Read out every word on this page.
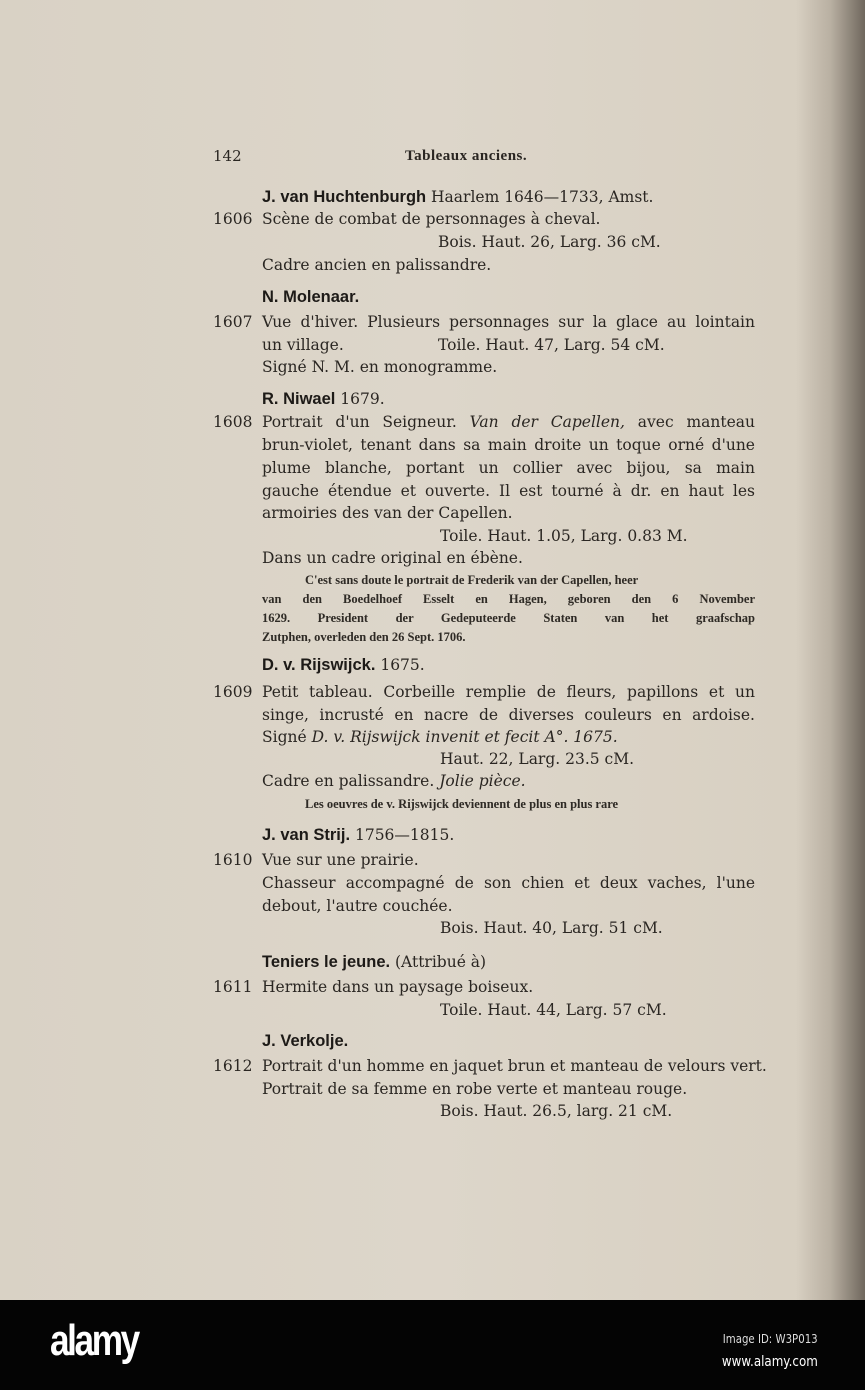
142	Tableaux anciens.
J. van Huchtenburgh Haarlem 1646—1733, Amst.
1606 Scène de combat de personnages à cheval.
Bois. Haut. 26, Larg. 36 cM.
Cadre ancien en palissandre.
N. Molenaar.
1607 Vue d'hiver. Plusieurs personnages sur la glace au lointain
un village.	Toile. Haut. 47, Larg. 54 cM.
Signé N. M. en monogramme.
R. Niwael 1679.
1608 Portrait d'un Seigneur. Van der Capellen, avec manteau
brun-violet, tenant dans sa main droite un toque orné d'une
plume blanche, portant un collier avec bijou, sa main
gauche étendue et ouverte. Il est tourné à dr. en haut les
armoiries des van der Capellen.
Toile. Haut. 1.05, Larg. 0.83 M.
Dans un cadre original en ébène.
C'est sans doute le portrait de Frederik van der Capellen, heer
van den Boedelhoef Esselt en Hagen, geboren den 6 November
1629. President der Gedeputeerde Staten van het graafschap
Zutphen, overleden den 26 Sept. 1706.
D. v. Rijswijck. 1675.
1609 Petit tableau. Corbeille remplie de fleurs, papillons et un
singe, incrusté en nacre de diverses couleurs en ardoise.
Signé D. v. Rijswijck invenit et fecit A°. 1675.
Haut. 22, Larg. 23.5 cM.
Cadre en palissandre. Jolie pièce.
Les oeuvres de v. Rijswijck deviennent de plus en plus rare
J. van Strij. 1756—1815.
1610 Vue sur une prairie.
Chasseur accompagné de son chien et deux vaches, l'une
debout, l'autre couchée.
Bois. Haut. 40, Larg. 51 cM.
Teniers le jeune. (Attribué à)
1611 Hermite dans un paysage boiseux.
Toile. Haut. 44, Larg. 57 cM.
J. Verkolje.
1612 Portrait d'un homme en jaquet brun et manteau de velours vert.
Portrait de sa femme en robe verte et manteau rouge.
Bois. Haut. 26.5, larg. 21 cM.
alamy	Image ID: W3P013
www.alamy.com
